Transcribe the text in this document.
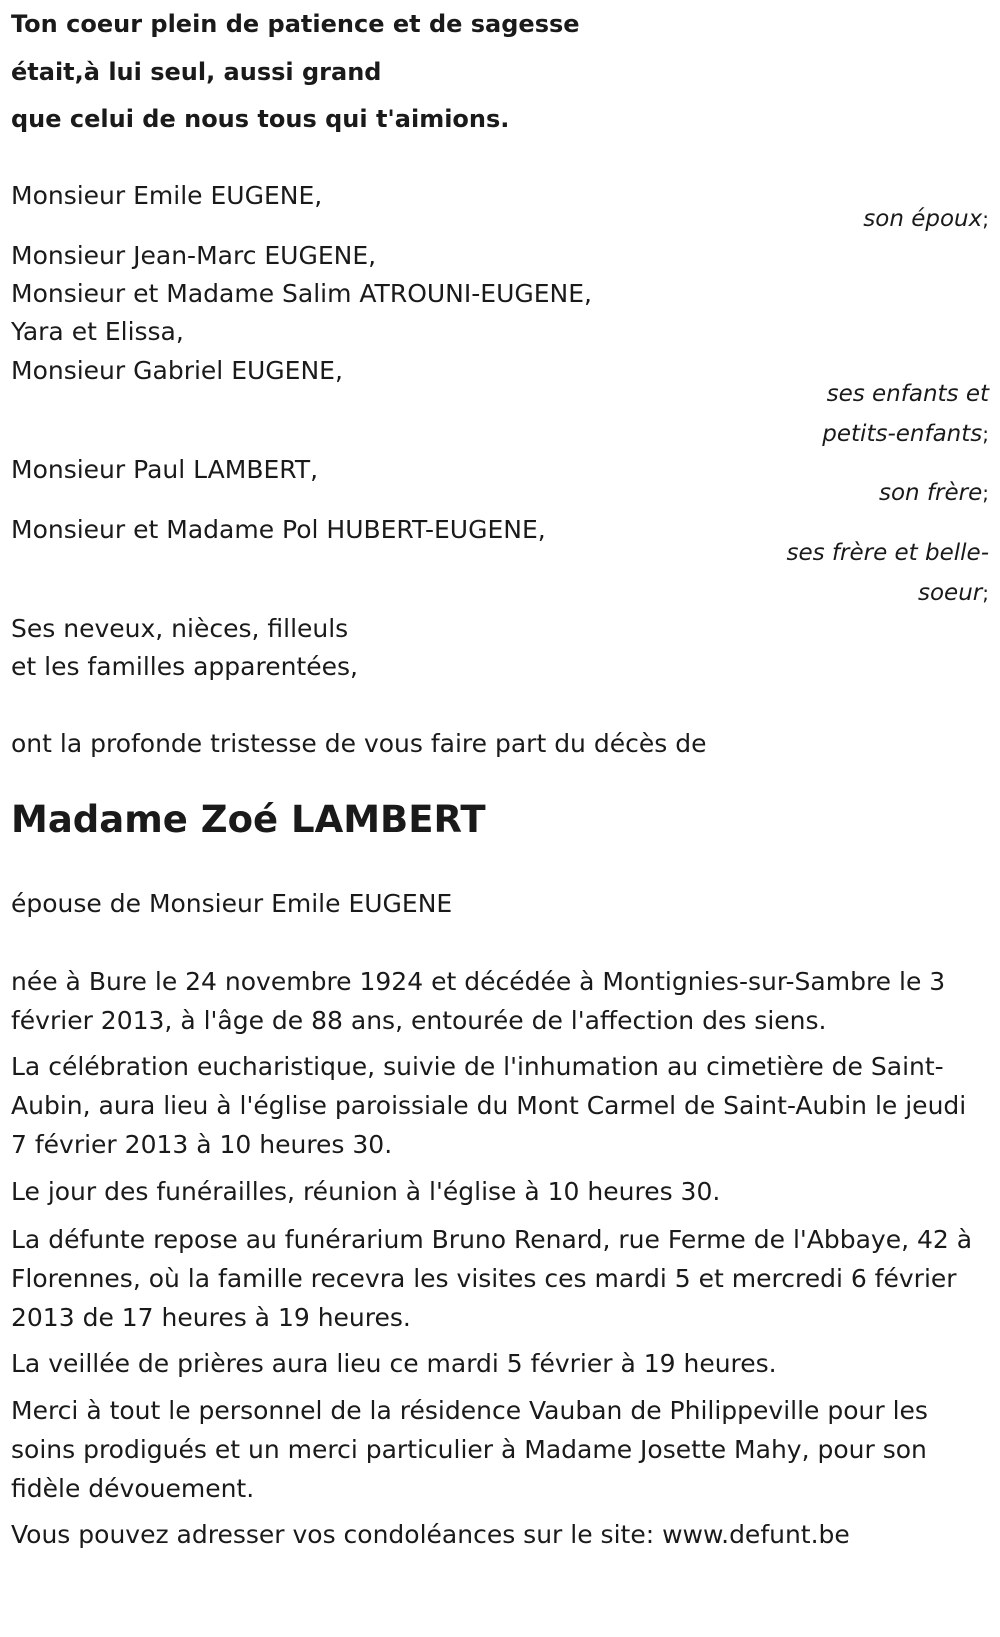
Ton coeur plein de patience et de sagesse
était,à lui seul, aussi grand
que celui de nous tous qui t'aimions.
Monsieur Emile EUGENE,
son époux;
Monsieur Jean-Marc EUGENE,
Monsieur et Madame Salim ATROUNI-EUGENE,
Yara et Elissa,
Monsieur Gabriel EUGENE,
ses enfants et
petits-enfants;
Monsieur Paul LAMBERT,
son frère;
Monsieur et Madame Pol HUBERT-EUGENE,
ses frère et belle-
soeur;
Ses neveux, nièces, filleuls
et les familles apparentées,
ont la profonde tristesse de vous faire part du décès de
Madame Zoé LAMBERT
épouse de Monsieur Emile EUGENE
née à Bure le 24 novembre 1924 et décédée à Montignies-sur-Sambre le 3 février 2013, à l'âge de 88 ans, entourée de l'affection des siens.
La célébration eucharistique, suivie de l'inhumation au cimetière de Saint-Aubin, aura lieu à l'église paroissiale du Mont Carmel de Saint-Aubin le jeudi 7 février 2013 à 10 heures 30.
Le jour des funérailles, réunion à l'église à 10 heures 30.
La défunte repose au funérarium Bruno Renard, rue Ferme de l'Abbaye, 42 à Florennes, où la famille recevra les visites ces mardi 5 et mercredi 6 février 2013 de 17 heures à 19 heures.
La veillée de prières aura lieu ce mardi 5 février à 19 heures.
Merci à tout le personnel de la résidence Vauban de Philippeville pour les soins prodigués et un merci particulier à Madame Josette Mahy, pour son fidèle dévouement.
Vous pouvez adresser vos condoléances sur le site: www.defunt.be
